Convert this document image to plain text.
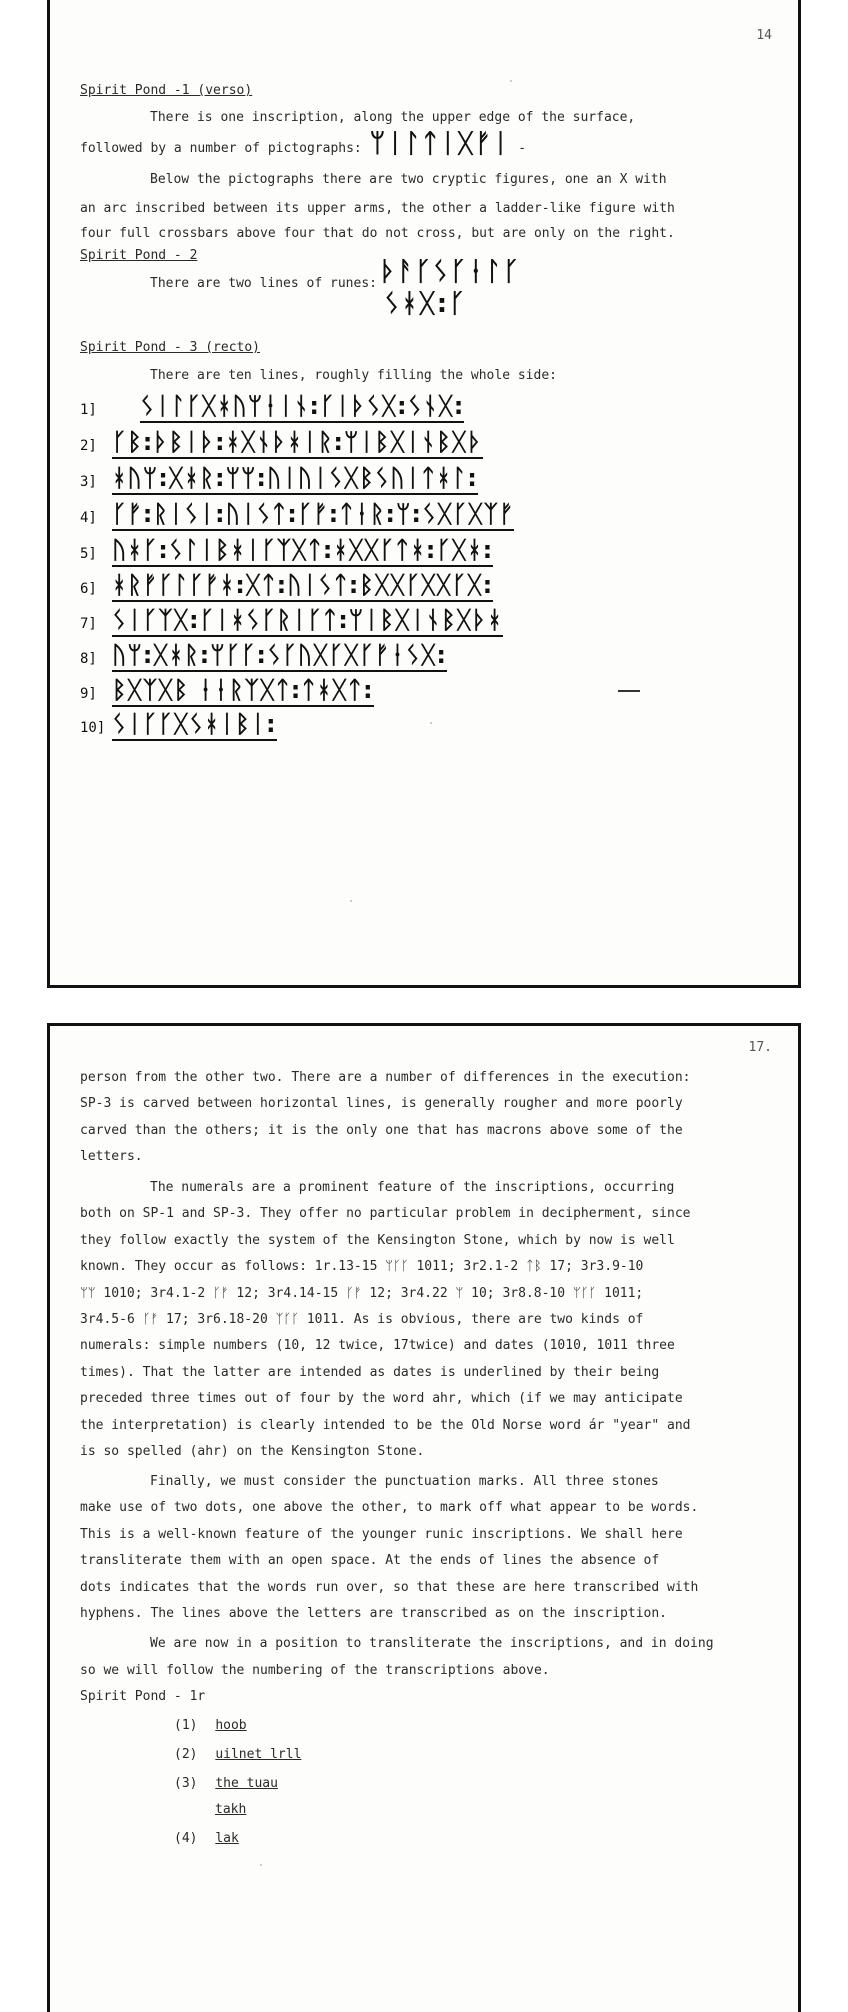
14
Spirit Pond -1 (verso)
There is one inscription, along the upper edge of the surface,
followed by a number of pictographs: ᛘᛁᛚᛏᛁᚷᚠᛁ -
Below the pictographs there are two cryptic figures, one an X with
an arc inscribed between its upper arms, the other a ladder-like figure with
four full crossbars above four that do not cross, but are only on the right.
Spirit Pond - 2
There are two lines of runes: ᚦᚨᚴᛊᚴᛂᛚᚴ
ᛊᚼᚷ:ᚴ
Spirit Pond - 3 (recto)
There are ten lines, roughly filling the whole side:
1] ᛊᛁᛚᚴᚷᚼᚢᛘᛂᛁᚾ:ᚴᛁᚦᛊᚷ:ᛊᚾᚷ:
2] ᚴᛒ:ᚦᛒᛁᚦ:ᚼᚷᚾᚦᚼᛁᚱ:ᛘᛁᛒᚷᛁᚾᛒᚷᚦ
3] ᚼᚢᛘ:ᚷᚼᚱ:ᛘᛘ:ᚢᛁᚢᛁᛊᚷᛒᛊᚢᛁᛏᚼᛚ:
4] ᚴᚠ:ᚱᛁᛊᛁ:ᚢᛁᛊᛏ:ᚴᚠ:ᛏᛂᚱ:ᛘ:ᛊᚷᚴᚷᛉᚠ
5] ᚢᚼᚴ:ᛊᛚᛁᛒᚼᛁᚴᛉᚷᛏ:ᚼᚷᚷᚴᛏᚼ:ᚴᚷᚼ:
6] ᚼᚱᚠᚴᛚᚴᚠᚼ:ᚷᛏ:ᚢᛁᛊᛏ:ᛒᚷᚷᚴᚷᚷᚴᚷ:
7] ᛊᛁᚴᛉᚷ:ᚴᛁᚼᛊᚴᚱᛁᚴᛏ:ᛘᛁᛒᚷᛁᚾᛒᚷᚦᚼ
8] ᚢᛘ:ᚷᚼᚱ:ᛘᚴᚴ:ᛊᚴᚢᚷᚴᚷᚴᚠᛂᛊᚷ:
9] ᛒᚷᛉᚷᛒ ᛂᛂᚱᛉᚷᛏ:ᛏᚼᚷᛏ:
10] ᛊᛁᚴᚴᚷᛊᚼᛁᛒᛁ:
17.
person from the other two. There are a number of differences in the execution:
SP-3 is carved between horizontal lines, is generally rougher and more poorly
carved than the others; it is the only one that has macrons above some of the
letters.
The numerals are a prominent feature of the inscriptions, occurring
both on SP-1 and SP-3. They offer no particular problem in decipherment, since
they follow exactly the system of the Kensington Stone, which by now is well
known. They occur as follows: 1r.13-15 ᛘᚴᚴ 1011; 3r2.1-2 ᛏᛒ 17; 3r3.9-10
ᛘᛘ 1010; 3r4.1-2 ᚴᚠ 12; 3r4.14-15 ᚴᚠ 12; 3r4.22 ᛘ 10; 3r8.8-10 ᛘᚴᚴ 1011;
3r4.5-6 ᚴᚠ 17; 3r6.18-20 ᛉᚴᚴ 1011. As is obvious, there are two kinds of
numerals: simple numbers (10, 12 twice, 17twice) and dates (1010, 1011 three
times). That the latter are intended as dates is underlined by their being
preceded three times out of four by the word ahr, which (if we may anticipate
the interpretation) is clearly intended to be the Old Norse word ár "year" and
is so spelled (ahr) on the Kensington Stone.
Finally, we must consider the punctuation marks. All three stones
make use of two dots, one above the other, to mark off what appear to be words.
This is a well-known feature of the younger runic inscriptions. We shall here
transliterate them with an open space. At the ends of lines the absence of
dots indicates that the words run over, so that these are here transcribed with
hyphens. The lines above the letters are transcribed as on the inscription.
We are now in a position to transliterate the inscriptions, and in doing
so we will follow the numbering of the transcriptions above.
Spirit Pond - 1r
(1) hoob
(2) uilnet lrll
(3) the tuau
takh
(4) lak
